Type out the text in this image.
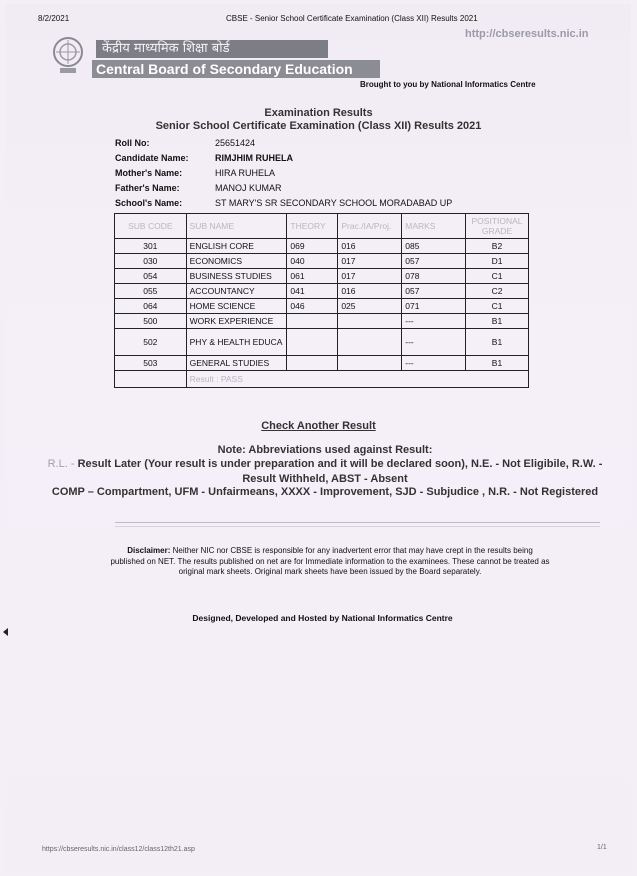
8/2/2021	CBSE - Senior School Certificate Examination (Class XII) Results 2021
http://cbseresults.nic.in
केंद्रीय माध्यमिक शिक्षा बोर्ड
Central Board of Secondary Education
Brought to you by National Informatics Centre
Examination Results
Senior School Certificate Examination (Class XII) Results 2021
Roll No:	25651424
Candidate Name:	RIMJHIM RUHELA
Mother's Name:	HIRA RUHELA
Father's Name:	MANOJ KUMAR
School's Name:	ST MARY'S SR SECONDARY SCHOOL MORADABAD UP
SUB CODE	SUB NAME	THEORY	Prac./IA/Proj.	MARKS	POSITIONAL GRADE
301	ENGLISH CORE	069	016	085	B2
030	ECONOMICS	040	017	057	D1
054	BUSINESS STUDIES	061	017	078	C1
055	ACCOUNTANCY	041	016	057	C2
064	HOME SCIENCE	046	025	071	C1
500	WORK EXPERIENCE			---	B1
502	PHY & HEALTH EDUCA			---	B1
503	GENERAL STUDIES			---	B1
	Result : PASS				
Check Another Result
Note: Abbreviations used against Result:
R.L. - Result Later (Your result is under preparation and it will be declared soon), N.E. - Not Eligibile, R.W. - Result Withheld, ABST - Absent
COMP – Compartment, UFM - Unfairmeans, XXXX - Improvement, SJD - Subjudice , N.R. - Not Registered
Disclaimer: Neither NIC nor CBSE is responsible for any inadvertent error that may have crept in the results being published on NET. The results published on net are for Immediate information to the examinees. These cannot be treated as original mark sheets. Original mark sheets have been issued by the Board separately.
Designed, Developed and Hosted by National Informatics Centre
https://cbseresults.nic.in/class12/class12th21.asp	1/1
